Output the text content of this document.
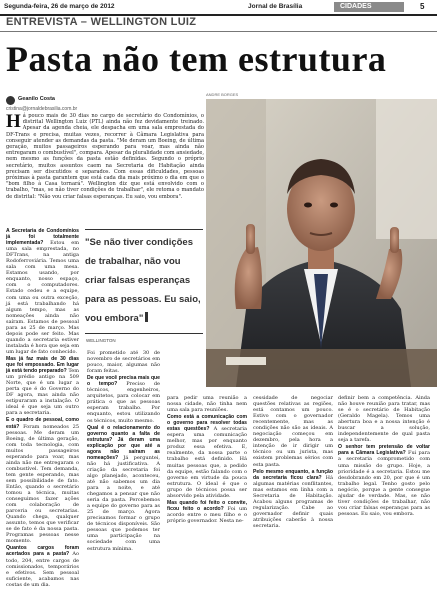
Segunda-feira, 26 de março de 2012	Jornal de Brasília	CIDADES	5
ENTREVISTA – WELLINGTON LUIZ
Pasta não tem estrutura
Geanilo Costa
cristina@jornaldebrasilia.com.br
ANDRE BORGES
Há pouco mais de 30 dias no cargo de secretário do Condomínios, o distrital Wellington Luiz (PTL) ainda não fez devidamente treinado. Apesar da agenda cheia, ele despacha em uma sala emprestada do DF-Trans e precisa, muitas vezes, recorrer à Câmara Legislativa para conseguir atender as demandas da pasta. "Me deram um Boeing, de última geração, muitos passageiros esperando para voar, mas ainda não entregaram o combustível", compara. Apesar da pluralidade com ansiedade, nem mesmo as funções da pasta estão definidas. Segundo o próprio secretário, muitos assuntos caem na Secretaria de Habitação ainda precisam ser discutidos e separados. Com essas dificuldades, pessoas próximas à pasta garantem que está cada dia mais próximo o dia em que o "bom filho à Casa tornará". Wellington diz que está envolvido com o trabalho, "mas, se não tiver condições de trabalhar", ele retoma o mandato de distrital: "Não vou criar falsas esperanças. Eu saio, vou embora".
"Se não tiver condições de trabalhar, não vou criar falsas esperanças para as pessoas. Eu saio, vou embora"
WELLINGTON

A Secretaria de Condomínios já foi totalmente implementada? Estou em uma sala emprestada, no DFTrans, na antiga Rodoferroviária. Temos uma sala com uma mesa. Estamos usando, por enquanto, nosso espaço, com o computadores. Estado cedeu e a equipe, com uma ou outra exceção, já está trabalhando há algum tempo, mas as nomeações ainda não saíram. Estamos de pessoal para as 25 de março. Mas depois pode ser feito. Mas quando a secretaria estiver instalada é hora que seja em um lugar de fato conhecido.

Mas já faz mais de 30 dias que foi empossado. Em lugar já está tendo preparado? Tem um prédio antigo na 509 Norte, que é um lugar a perta que é do Governo do DF agora, mas ainda não estipuraram a instalação. O ideal é que seja um outro para a secretaria.

E o quadro de pessoal, como está? Foram nomeados 25 pessoas. Me deram um Boeing, de última geração, com toda tecnologia, com muitos passageiros esperando para voar, mas ainda não me entregaram o combustível. Tem demanda, tem gente esperando, mas sem possibilidade de fato. Então, quando o secretário tomou a técnica, muitas conseguimos fazer ações com colaboração de parceria ou secretarias. Quando chega, qualquer assunto, temos que verificar se de fato é da nossa pasta. Programas pessoas nesse momento.

Quantos cargos foram acertados para a pasta? Ao todo, 204, entre cargos de comissionados, temporários e efetivos. Sem pessoal suficiente, acabamos nas costas de um dia.

Foi prometido até 30 de novembro de secretários em pouco, maior, algumas não foram feitas.

De que você precisa mais que o tempo? Preciso de técnicos, engenheiros, arquitetos, para colocar em prática o que as pessoas esperam trabalho. Por enquanto, estou utilizando os técnicos, muito mesmo.

Qual é o relacionamento do governo quanto a falta de estrutura? Já deram uma explicação por que até a agora não saíram as nomeações? Já perguntei, não há justificativa. A criação da secretaria foi algo planejado, aconteceu, até não sabemos um dia para a noite, e até chegamos a pensar que não seria da pasta. Percebemos a equipe do governo para as 25 de março. Agora precisamos formar o grupo de técnicos disponíveis. São pessoas que podemos ter uma participação na sociedade com uma estrutura mínima.

para pedir uma reunião a nossa cidade, não tinha nem uma sala para reuniões.

Como está a comunicação com o governo para resolver todas estas questões? A secretaria espera uma comunicação melhor, mas por enquanto produz essa efetiva. E, realmente, da nossa parte o trabalho está definido. Há muitas pessoas que, a pedido da equipe, estão falando com o governo em virtude da pouca estrutura. O ideal é que o grupo de técnicos possa ser absorvido pela atividade.

Mas quando foi feito o convite, ficou feito o acordo? Foi um acordo entre o meu filho e o próprio governador. Nesta ne-

cessidade de negociar questões relativas as regiões, está contamos um pouco. Estivo com o governador recentemente, mas as condições não são as ideais. A negociação começou em dezembro, pela hora a intenção de ir dirigir um técnico ou um jurista, mas existem problemas sérios com esta pasta.

Pelo mesmo enquanto, a função da secretaria ficou clara? Há algumas matérias conflitantes, mas estamos em linha com a Secretaria de Habitação. Acabou alguns programas de regularização. Cabe ao governador definir quais atribuições caberão à nossa secretaria.

definir bem a competência. Ainda não houve reunião para tratar, mas se é o secretário de Habitação (Geraldo Magela). Temos uma abertura boa e a nossa intenção é buscar a solução, independentemente de qual pasta seja a tarefa.

O senhor tem pretensão de voltar para a Câmara Legislativa? Fui para a secretaria comprometido com uma missão do grupo. Hoje, a prioridade é a secretaria. Estou me desdobrando em 20, por que é um trabalho legal. Tenho gosto pelo negócio, porque a gente consegue ajudar de verdade. Mas, se não tiver condições de trabalhar, não vou criar falsas esperanças para as pessoas. Eu saio, vou embora.
